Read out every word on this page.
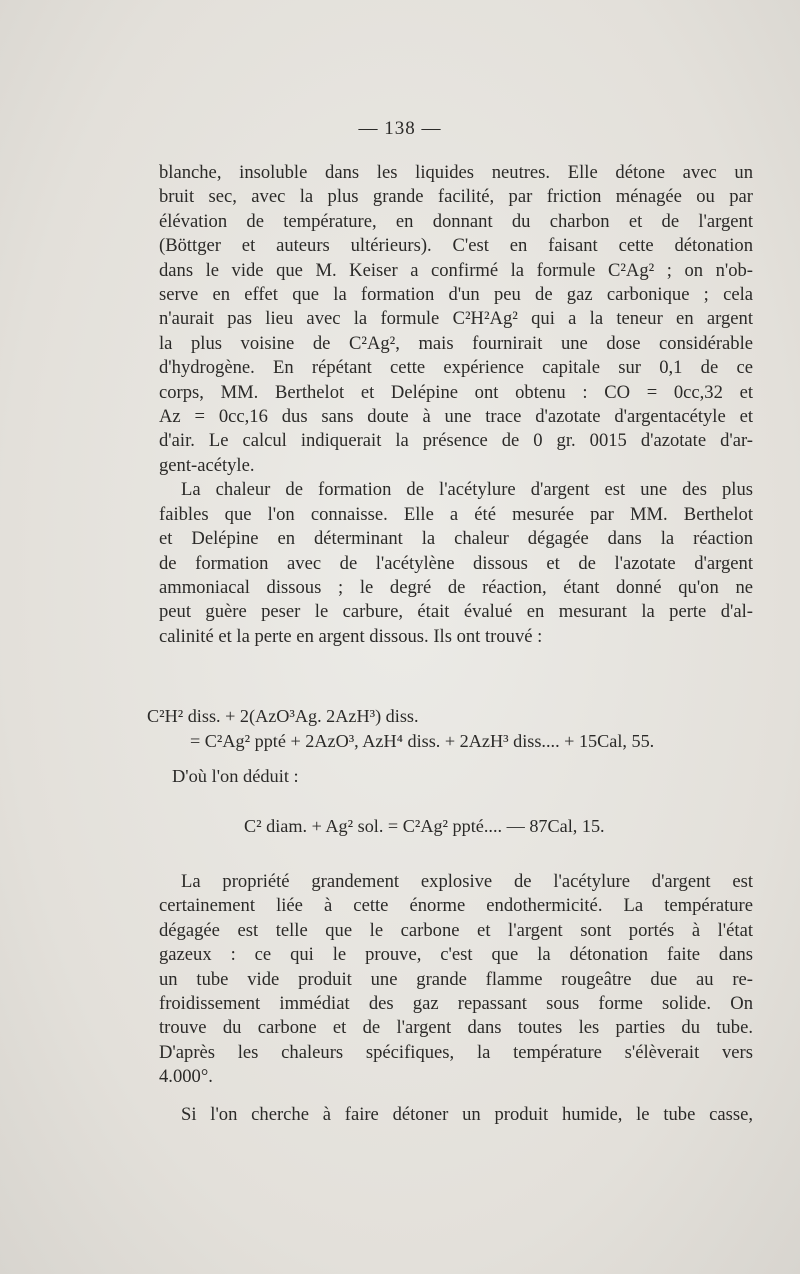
— 138 —
blanche, insoluble dans les liquides neutres. Elle détone avec un
bruit sec, avec la plus grande facilité, par friction ménagée ou par
élévation de température, en donnant du charbon et de l'argent
(Böttger et auteurs ultérieurs). C'est en faisant cette détonation
dans le vide que M. Keiser a confirmé la formule C²Ag² ; on n'ob-
serve en effet que la formation d'un peu de gaz carbonique ; cela
n'aurait pas lieu avec la formule C²H²Ag² qui a la teneur en argent
la plus voisine de C²Ag², mais fournirait une dose considérable
d'hydrogène. En répétant cette expérience capitale sur 0,1 de ce
corps, MM. Berthelot et Delépine ont obtenu : CO = 0cc,32 et
Az = 0cc,16 dus sans doute à une trace d'azotate d'argentacétyle et
d'air. Le calcul indiquerait la présence de 0 gr. 0015 d'azotate d'ar-
gent-acétyle.
La chaleur de formation de l'acétylure d'argent est une des plus
faibles que l'on connaisse. Elle a été mesurée par MM. Berthelot
et Delépine en déterminant la chaleur dégagée dans la réaction
de formation avec de l'acétylène dissous et de l'azotate d'argent
ammoniacal dissous ; le degré de réaction, étant donné qu'on ne
peut guère peser le carbure, était évalué en mesurant la perte d'al-
calinité et la perte en argent dissous. Ils ont trouvé :
C²H² diss. + 2(AzO³Ag. 2AzH³) diss.
= C²Ag² ppté + 2AzO³, AzH⁴ diss. + 2AzH³ diss.... + 15Cal, 55.
D'où l'on déduit :
C² diam. + Ag² sol. = C²Ag² ppté.... — 87Cal, 15.
La propriété grandement explosive de l'acétylure d'argent est
certainement liée à cette énorme endothermicité. La température
dégagée est telle que le carbone et l'argent sont portés à l'état
gazeux : ce qui le prouve, c'est que la détonation faite dans
un tube vide produit une grande flamme rougeâtre due au re-
froidissement immédiat des gaz repassant sous forme solide. On
trouve du carbone et de l'argent dans toutes les parties du tube.
D'après les chaleurs spécifiques, la température s'élèverait vers
4.000°.
Si l'on cherche à faire détoner un produit humide, le tube casse,
